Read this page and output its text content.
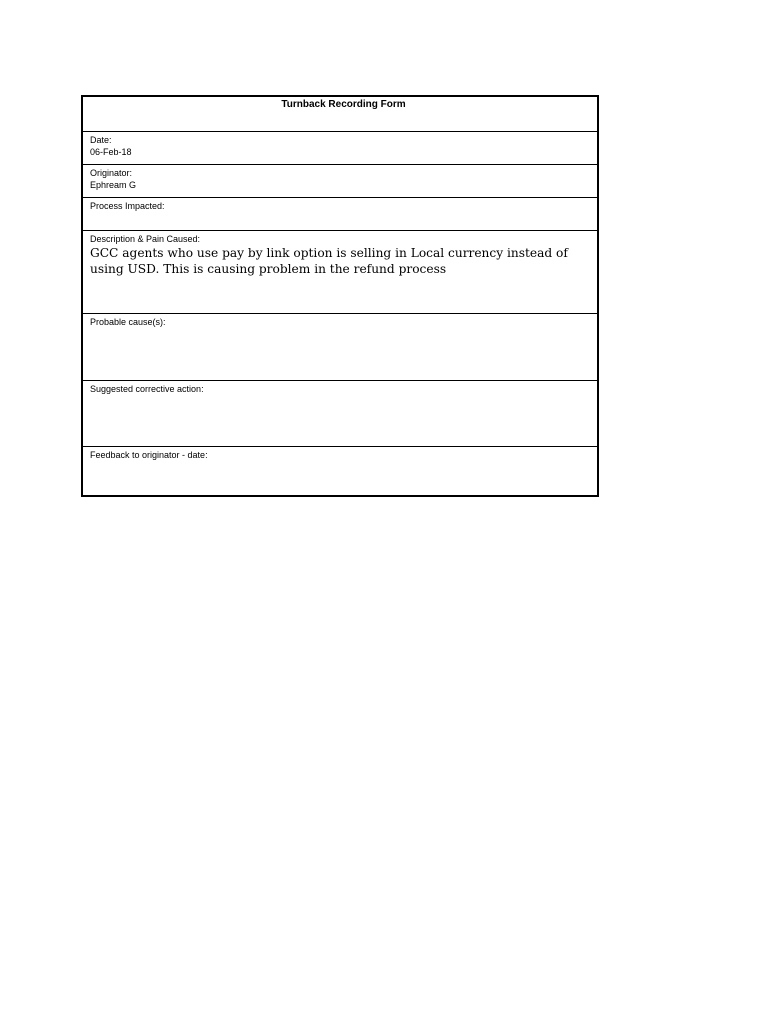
Turnback Recording Form
Date:
06-Feb-18
Originator:
Ephream G
Process Impacted:
Description & Pain Caused:
GCC agents who use pay by link option is selling in Local currency instead of using USD. This is causing problem in the refund process
Probable cause(s):
Suggested corrective action:
Feedback to originator - date:
